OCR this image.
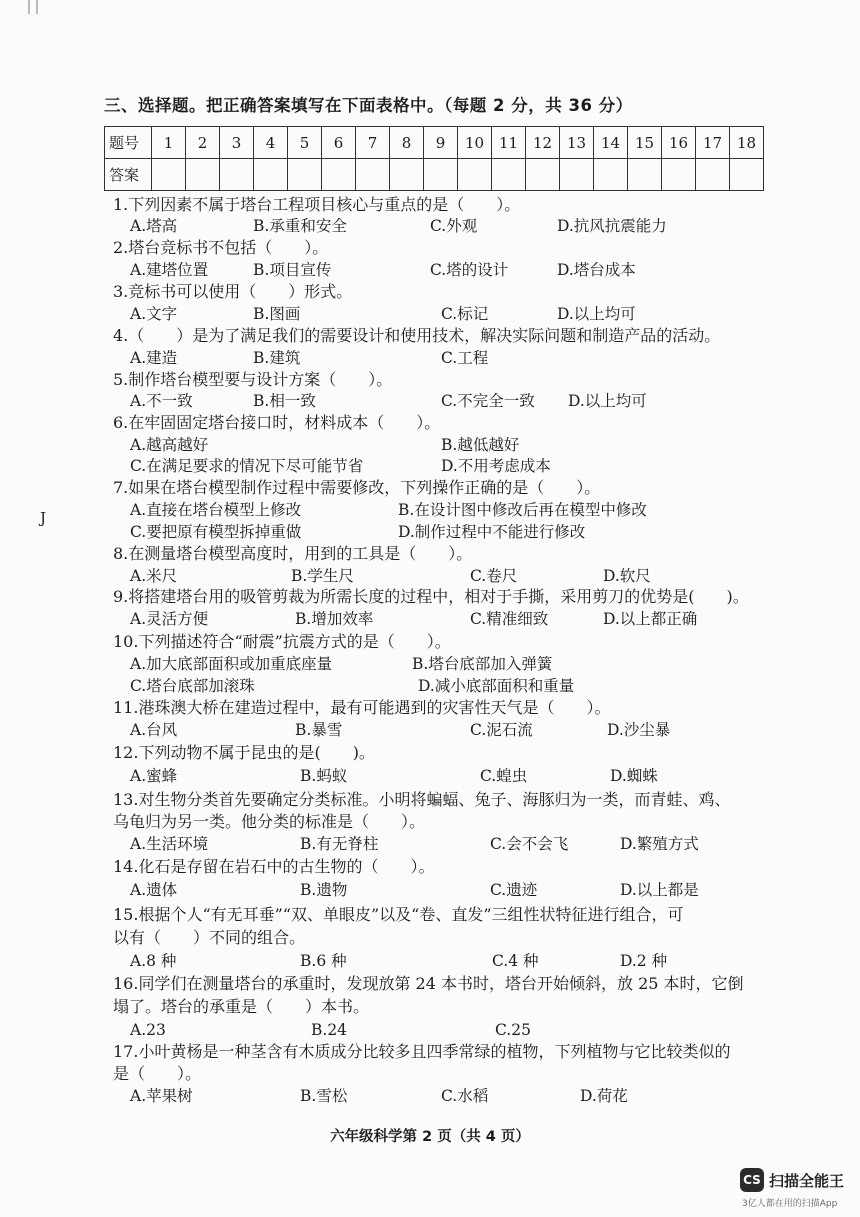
三、选择题。把正确答案填写在下面表格中。（每题 2 分，共 36 分）
题号	1	2	3	4	5	6	7	8	9	10	11	12	13	14	15	16	17	18
答案																		
J
1.下列因素不属于塔台工程项目核心与重点的是（　　）。
A.塔高	B.承重和安全	C.外观	D.抗风抗震能力
2.塔台竞标书不包括（　　）。
A.建塔位置	B.项目宣传	C.塔的设计	D.塔台成本
3.竞标书可以使用（　　）形式。
A.文字	B.图画	C.标记	D.以上均可
4.（　　）是为了满足我们的需要设计和使用技术，解决实际问题和制造产品的活动。
A.建造	B.建筑	C.工程
5.制作塔台模型要与设计方案（　　）。
A.不一致	B.相一致	C.不完全一致 D.以上均可
6.在牢固固定塔台接口时，材料成本（　　）。
A.越高越好	B.越低越好
C.在满足要求的情况下尽可能节省	D.不用考虑成本
7.如果在塔台模型制作过程中需要修改，下列操作正确的是（　　）。
A.直接在塔台模型上修改	B.在设计图中修改后再在模型中修改
C.要把原有模型拆掉重做	D.制作过程中不能进行修改
8.在测量塔台模型高度时，用到的工具是（　　）。
A.米尺	B.学生尺	C.卷尺	D.软尺
9.将搭建塔台用的吸管剪裁为所需长度的过程中，相对于手撕，采用剪刀的优势是(　　)。
A.灵活方便	B.增加效率	C.精准细致	D.以上都正确
10.下列描述符合“耐震”抗震方式的是（　　）。
A.加大底部面积或加重底座量	B.塔台底部加入弹簧
C.塔台底部加滚珠	D.减小底部面积和重量
11.港珠澳大桥在建造过程中，最有可能遇到的灾害性天气是（　　）。
A.台风	B.暴雪	C.泥石流	D.沙尘暴
12.下列动物不属于昆虫的是(　　)。
A.蜜蜂	B.蚂蚁	C.蝗虫	D.蜘蛛
13.对生物分类首先要确定分类标准。小明将蝙蝠、兔子、海豚归为一类，而青蛙、鸡、
乌龟归为另一类。他分类的标准是（　　）。
A.生活环境	B.有无脊柱	C.会不会飞	D.繁殖方式
14.化石是存留在岩石中的古生物的（　　）。
A.遗体	B.遗物	C.遗迹	D.以上都是
15.根据个人“有无耳垂”“双、单眼皮”以及“卷、直发”三组性状特征进行组合，可
以有（　　）不同的组合。
A.8 种	B.6 种	C.4 种	D.2 种
16.同学们在测量塔台的承重时，发现放第 24 本书时，塔台开始倾斜，放 25 本时，它倒
塌了。塔台的承重是（　　）本书。
A.23	B.24	C.25
17.小叶黄杨是一种茎含有木质成分比较多且四季常绿的植物，下列植物与它比较类似的
是（　　）。
A.苹果树	B.雪松	C.水稻	D.荷花
六年级科学第 2 页（共 4 页）
CS 扫描全能王
3亿人都在用的扫描App
